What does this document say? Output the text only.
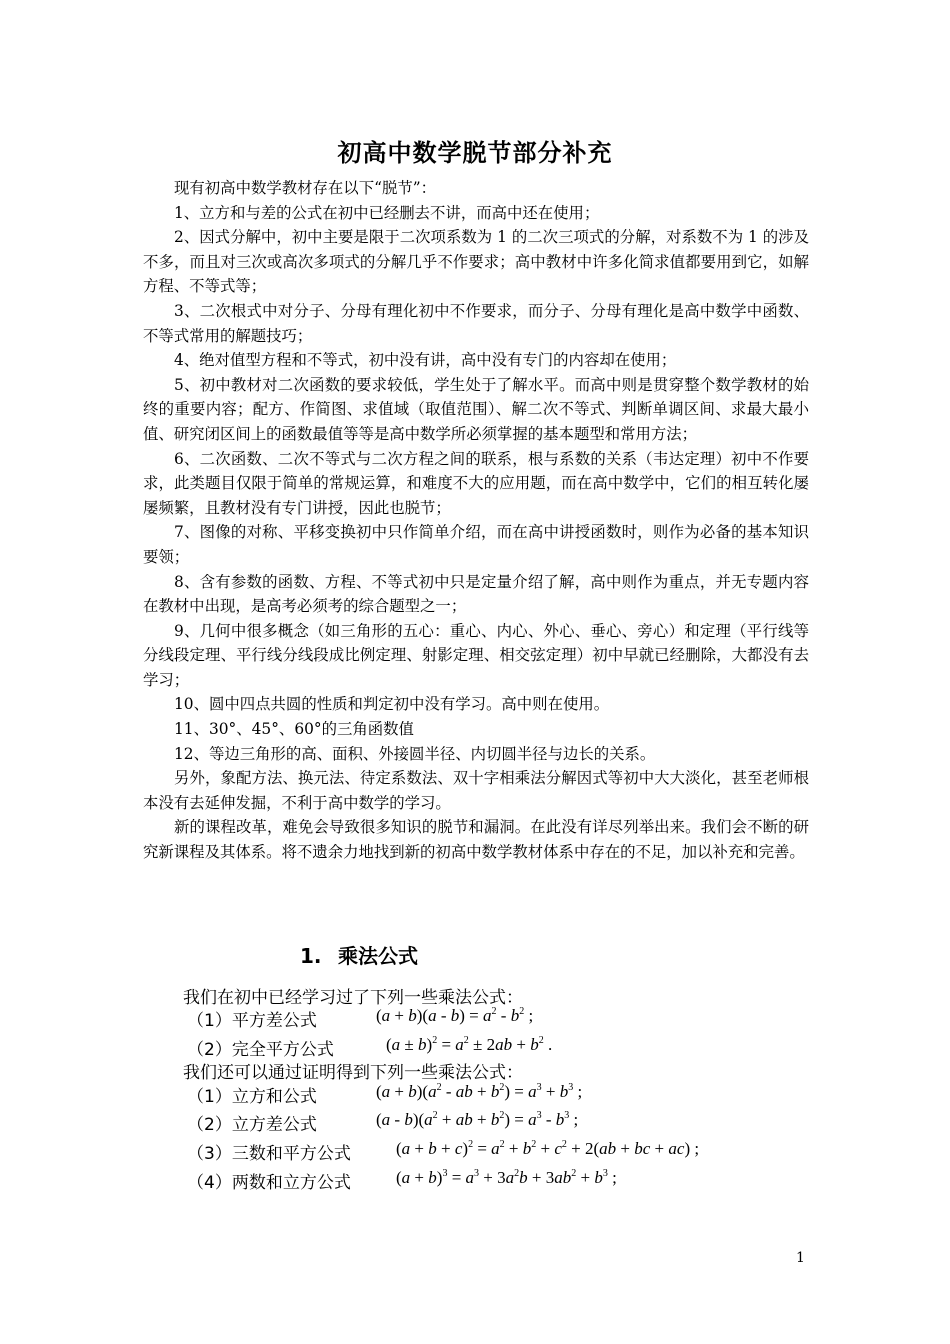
初高中数学脱节部分补充

现有初高中数学教材存在以下“脱节”：

1、立方和与差的公式在初中已经删去不讲，而高中还在使用；

2、因式分解中，初中主要是限于二次项系数为 1 的二次三项式的分解，对系数不为 1 的涉及不多，而且对三次或高次多项式的分解几乎不作要求；高中教材中许多化简求值都要用到它，如解方程、不等式等；

3、二次根式中对分子、分母有理化初中不作要求，而分子、分母有理化是高中数学中函数、不等式常用的解题技巧；

4、绝对值型方程和不等式，初中没有讲，高中没有专门的内容却在使用；

5、初中教材对二次函数的要求较低，学生处于了解水平。而高中则是贯穿整个数学教材的始终的重要内容；配方、作简图、求值域（取值范围）、解二次不等式、判断单调区间、求最大最小值、研究闭区间上的函数最值等等是高中数学所必须掌握的基本题型和常用方法；

6、二次函数、二次不等式与二次方程之间的联系，根与系数的关系（韦达定理）初中不作要求，此类题目仅限于简单的常规运算，和难度不大的应用题，而在高中数学中，它们的相互转化屡屡频繁，且教材没有专门讲授，因此也脱节；

7、图像的对称、平移变换初中只作简单介绍，而在高中讲授函数时，则作为必备的基本知识要领；

8、含有参数的函数、方程、不等式初中只是定量介绍了解，高中则作为重点，并无专题内容在教材中出现，是高考必须考的综合题型之一；

9、几何中很多概念（如三角形的五心：重心、内心、外心、垂心、旁心）和定理（平行线等分线段定理、平行线分线段成比例定理、射影定理、相交弦定理）初中早就已经删除，大都没有去学习；

10、圆中四点共圆的性质和判定初中没有学习。高中则在使用。

11、30°、45°、60°的三角函数值

12、等边三角形的高、面积、外接圆半径、内切圆半径与边长的关系。

另外，象配方法、换元法、待定系数法、双十字相乘法分解因式等初中大大淡化，甚至老师根本没有去延伸发掘，不利于高中数学的学习。

新的课程改革，难免会导致很多知识的脱节和漏洞。在此没有详尽列举出来。我们会不断的研究新课程及其体系。将不遗余力地找到新的初高中数学教材体系中存在的不足，加以补充和完善。

1. 乘法公式
我们在初中已经学习过了下列一些乘法公式：
（1）平方差公式	$(a + b)(a - b) = a^2 - b^2$ ;
（2）完全平方公式	$(a \pm b)^2 = a^2 \pm 2ab + b^2$ .
我们还可以通过证明得到下列一些乘法公式：
（1）立方和公式	$(a + b)(a^2$ - ab + $b^2) = a^3 + b^3$ ;
（2）立方差公式	$(a - b)(a^2$ + ab + $b^2) = a^3 - b^3$ ;
（3）三数和平方公式	$(a + b + c)^2 = a^2 + b^2 + c^2 + 2(ab$ + bc + ac) ;
（4）两数和立方公式	$(a + b)^3 = a^3 + 3a^2b + 3ab^2 + b^3$ ;
1
